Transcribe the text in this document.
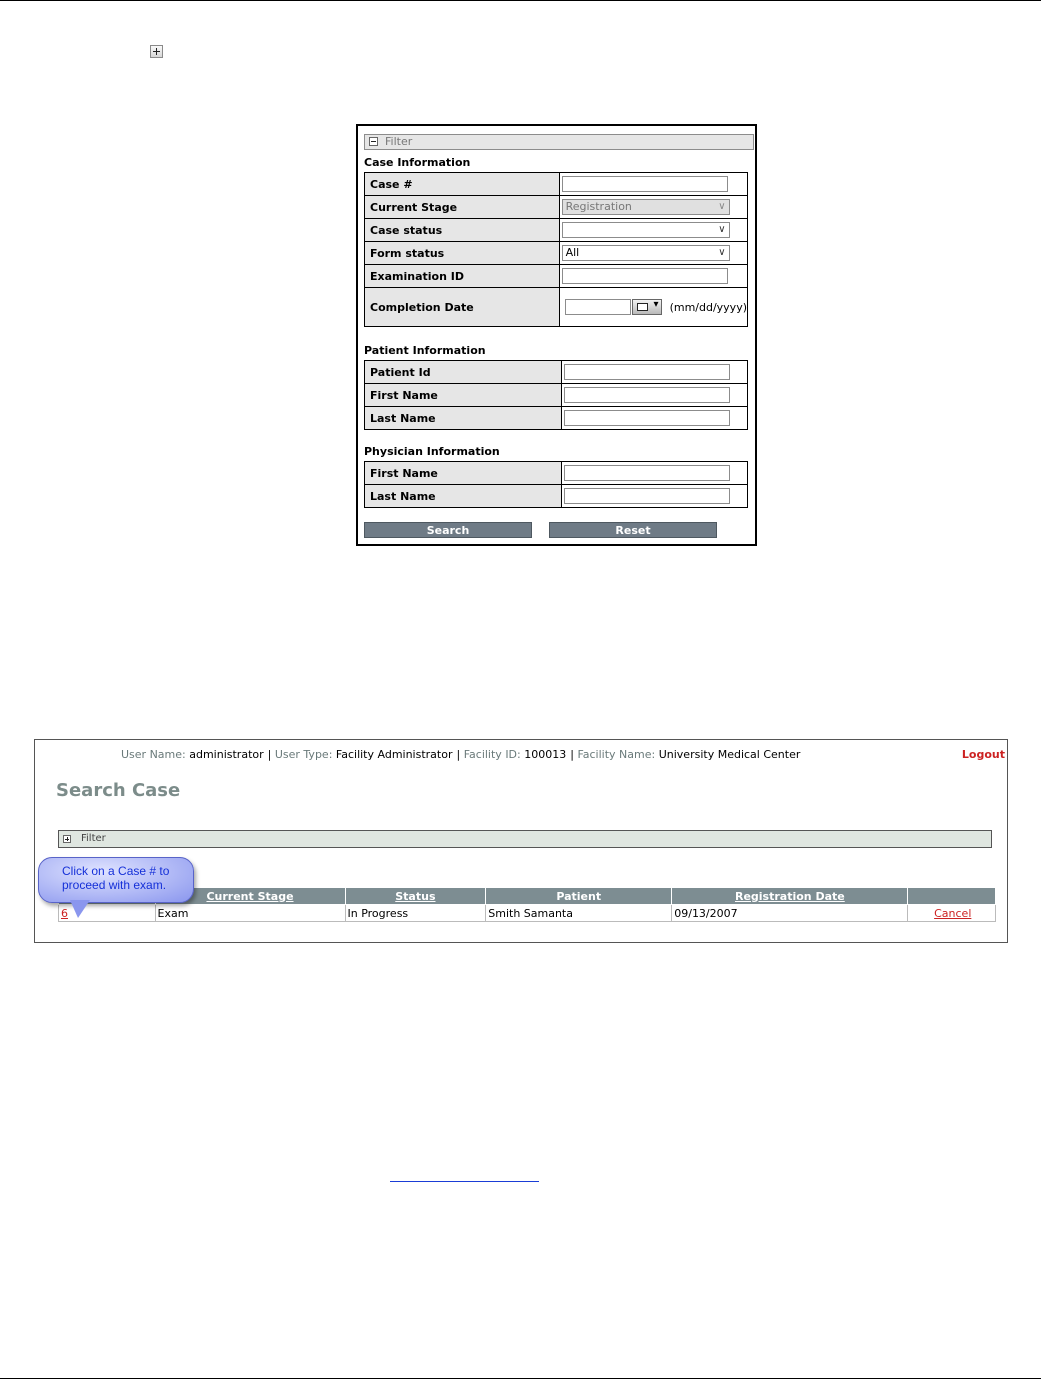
Filter
Case Information
Case #	

Current Stage	Registration ∨

Case status	∨

Form status	All ∨

Examination ID	

Completion Date	
▾(mm/dd/yyyy)
Patient Information
Patient Id	

First Name	

Last Name	
Physician Information
First Name	

Last Name	
Search	Reset
User Name: administrator | User Type: Facility Administrator | Facility ID: 100013 | Facility Name: University Medical Center	Logout
Search Case
Filter
	Current Stage	Status	Patient	Registration Date	
6	Exam	In Progress	Smith Samanta	09/13/2007	Cancel
Click on a Case # to proceed with exam.
